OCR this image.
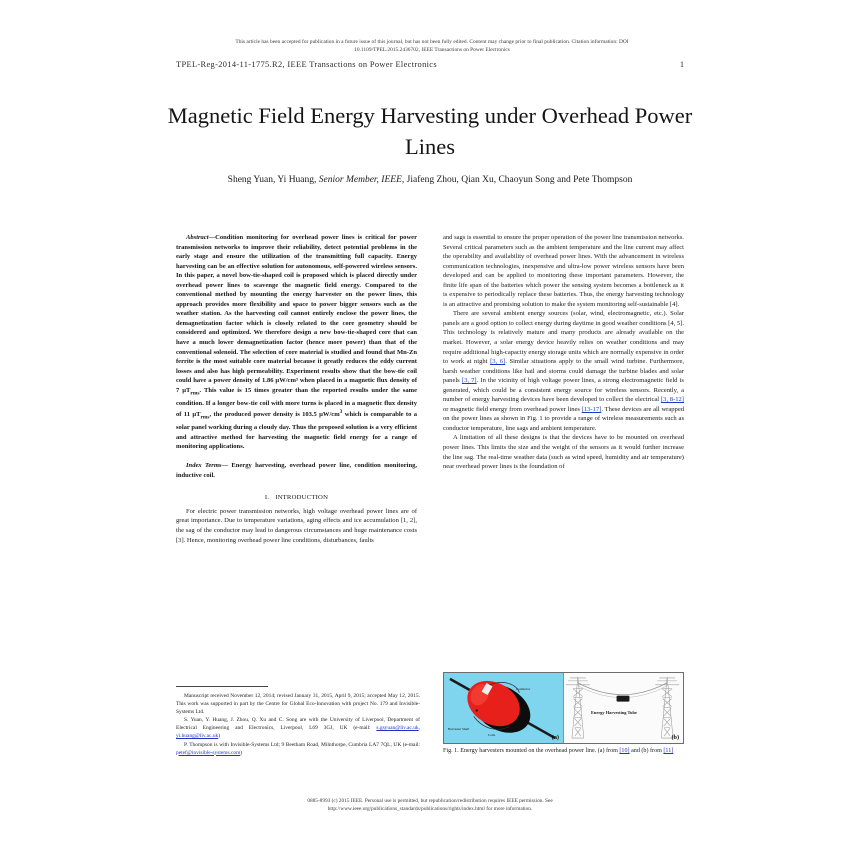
This article has been accepted for publication in a future issue of this journal, but has not been fully edited. Content may change prior to final publication. Citation information: DOI
10.1109/TPEL.2015.2436702, IEEE Transactions on Power Electronics
1
TPEL-Reg-2014-11-1775.R2, IEEE Transactions on Power Electronics
Magnetic Field Energy Harvesting under Overhead Power Lines
Sheng Yuan, Yi Huang, Senior Member, IEEE, Jiafeng Zhou, Qian Xu, Chaoyun Song and Pete Thompson

Abstract—Condition monitoring for overhead power lines is critical for power transmission networks to improve their reliability, detect potential problems in the early stage and ensure the utilization of the transmitting full capacity. Energy harvesting can be an effective solution for autonomous, self-powered wireless sensors. In this paper, a novel bow-tie-shaped coil is proposed which is placed directly under overhead power lines to scavenge the magnetic field energy. Compared to the conventional method by mounting the energy harvester on the power lines, this approach provides more flexibility and space to power bigger sensors such as the weather station. As the harvesting coil cannot entirely enclose the power lines, the demagnetization factor which is closely related to the core geometry should be considered and optimized. We therefore design a new bow-tie-shaped core that can have a much lower demagnetization factor (hence more power) than that of the conventional solenoid. The selection of core material is studied and found that Mn-Zn ferrite is the most suitable core material because it greatly reduces the eddy current losses and also has high permeability. Experiment results show that the bow-tie coil could have a power density of 1.86 µW/cm³ when placed in a magnetic flux density of 7 µT$_{rms}$. This value is 15 times greater than the reported results under the same condition. If a longer bow-tie coil with more turns is placed in a magnetic flux density of 11 µT$_{rms}$, the produced power density is 103.5 $\mu W/cm^3$ which is comparable to a solar panel working during a cloudy day. Thus the proposed solution is a very efficient and attractive method for harvesting the magnetic field energy for a range of monitoring applications.

Index Terms— Energy harvesting, overhead power line, condition monitoring, inductive coil.

I. INTRODUCTION

For electric power transmission networks, high voltage overhead power lines are of great importance. Due to temperature variations, aging effects and ice accumulation [1, 2], the sag of the conductor may lead to dangerous circumstances and huge maintenance costs [3]. Hence, monitoring overhead power line conditions, disturbances, faults

and sags is essential to ensure the proper operation of the power line transmission networks. Several critical parameters such as the ambient temperature and the line current may affect the operability and availability of overhead power lines. With the advancement in wireless communication technologies, inexpensive and ultra-low power wireless sensors have been developed and can be applied to monitoring these important parameters. However, the finite life span of the batteries which power the sensing system becomes a bottleneck as it is expensive to periodically replace these batteries. Thus, the energy harvesting technology is an attractive and promising solution to make the system monitoring self-sustainable [4].

There are several ambient energy sources (solar, wind, electromagnetic, etc.). Solar panels are a good option to collect energy during daytime in good weather conditions [4, 5]. This technology is relatively mature and many products are already available on the market. However, a solar energy device heavily relies on weather conditions and may require additional high-capacity energy storage units which are normally expensive in order to work at night [3, 6]. Similar situations apply to the small wind turbine. Furthermore, harsh weather conditions like hail and storms could damage the turbine blades and solar panels [3, 7]. In the vicinity of high voltage power lines, a strong electromagnetic field is generated, which could be a consistent energy source for wireless sensors. Recently, a number of energy harvesting devices have been developed to collect the electrical [3, 8-12] or magnetic field energy from overhead power lines [13-17]. These devices are all wrapped on the power lines as shown in Fig. 1 to provide a range of wireless measurements such as conductor temperature, line sags and ambient temperature.

A limitation of all these designs is that the devices have to be mounted on overhead power lines. This limits the size and the weight of the sensors as it would further increase the line sag. The real-time weather data (such as wind speed, humidity and air temperature) near overhead power lines is the foundation of

Manuscript received November 12, 2014; revised January 31, 2015, April 9, 2015; accepted May 12, 2015. This work was supported in part by the Centre for Global Eco-Innovation with project No. 179 and Invisible-Systems Ltd.

S. Yuan, Y. Huang, J. Zhou, Q. Xu and C. Song are with the University of Liverpool, Department of Electrical Engineering and Electronics, Liverpool, L69 3GJ, UK (e-mail: s.gsyuan@liv.ac.uk, yi.huang@liv.ac.uk)

P. Thompson is with Invisible-Systems Ltd; 9 Beetham Road, Milnthorpe, Cumbria LA7 7QL, UK (e-mail: petef@invisible-systems.com)

Harvester Shell
Coils
Conductor
(a)
Energy Harvesting Tube
(b)
Fig. 1. Energy harvesters mounted on the overhead power line. (a) from [10] and (b) from [11]
0885-8993 (c) 2015 IEEE. Personal use is permitted, but republication/redistribution requires IEEE permission. See
http://www.ieee.org/publications_standards/publications/rights/index.html for more information.
